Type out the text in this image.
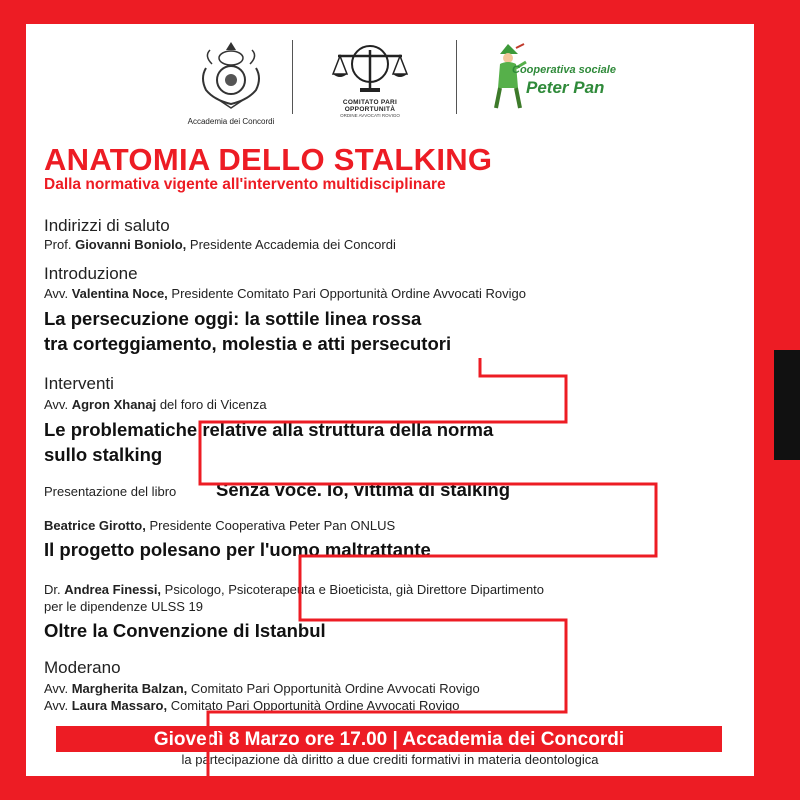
Accademia dei Concordi
COMITATO PARI
OPPORTUNITÀ
ORDINE AVVOCATI ROVIGO
Cooperativa sociale
Peter Pan
ANATOMIA DELLO STALKING
Dalla normativa vigente all'intervento multidisciplinare
Indirizzi di saluto
Prof. Giovanni Boniolo, Presidente Accademia dei Concordi
Introduzione
Avv. Valentina Noce, Presidente Comitato Pari Opportunità Ordine Avvocati Rovigo
La persecuzione oggi: la sottile linea rossa
tra corteggiamento, molestia e atti persecutori
Interventi
Avv. Agron Xhanaj del foro di Vicenza
Le problematiche relative alla struttura della norma
sullo stalking
Presentazione del libro Senza voce. Io, vittima di stalking
Beatrice Girotto, Presidente Cooperativa Peter Pan ONLUS
Il progetto polesano per l'uomo maltrattante
Dr. Andrea Finessi, Psicologo, Psicoterapeuta e Bioeticista, già Direttore Dipartimento
per le dipendenze ULSS 19
Oltre la Convenzione di Istanbul
Moderano
Avv. Margherita Balzan, Comitato Pari Opportunità Ordine Avvocati Rovigo
Avv. Laura Massaro, Comitato Pari Opportunità Ordine Avvocati Rovigo
Giovedì 8 Marzo ore 17.00 | Accademia dei Concordi
la partecipazione dà diritto a due crediti formativi in materia deontologica
